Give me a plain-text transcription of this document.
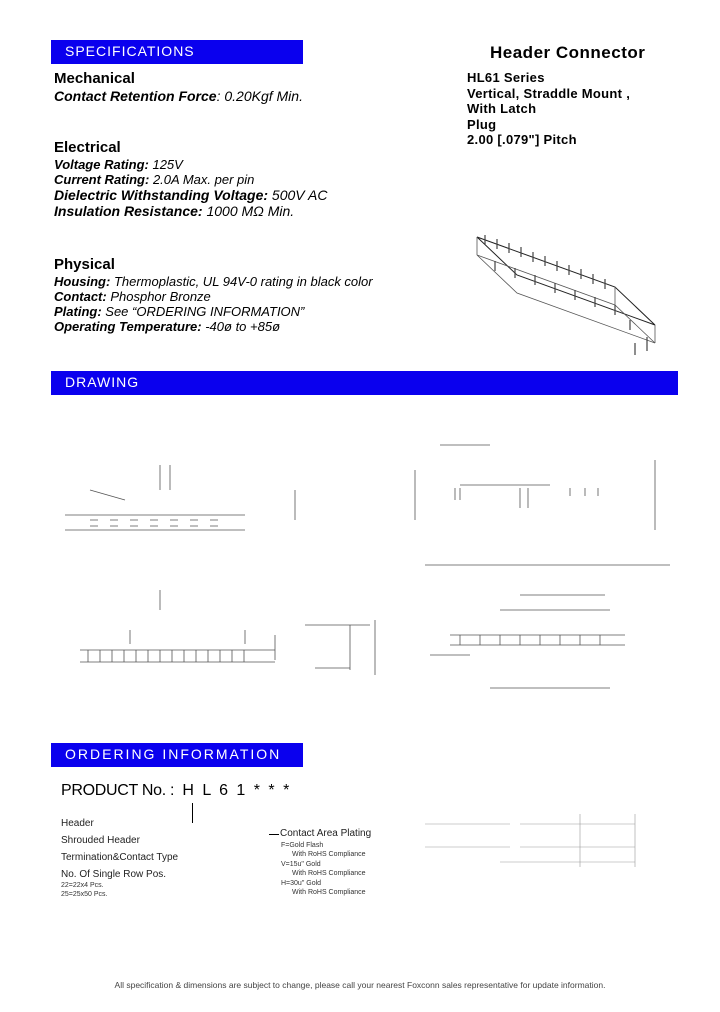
SPECIFICATIONS	Header Connector
HL61 Series
Vertical, Straddle Mount ,
With Latch
Plug
2.00 [.079"] Pitch
Mechanical
Contact Retention Force: 0.20Kgf Min.
Electrical
Voltage Rating: 125V
Current Rating: 2.0A Max. per pin
Dielectric Withstanding Voltage: 500V AC
Insulation Resistance: 1000 MΩ Min.
Physical
Housing: Thermoplastic, UL 94V-0 rating in black color
Contact: Phosphor Bronze
Plating: See “ORDERING INFORMATION”
Operating Temperature: -40ø to +85ø
DRAWING
ORDERING INFORMATION
PRODUCT No. : H L 6 1 * * *
Header
Shrouded Header
Termination&Contact Type
No. Of Single Row Pos.
22=22x4 Pcs.
25=25x50 Pcs.
Contact Area Plating
F=Gold Flash
With RoHS Compliance
V=15u" Gold
With RoHS Compliance
H=30u" Gold
With RoHS Compliance
All specification & dimensions are subject to change, please call your nearest Foxconn sales representative for update information.
